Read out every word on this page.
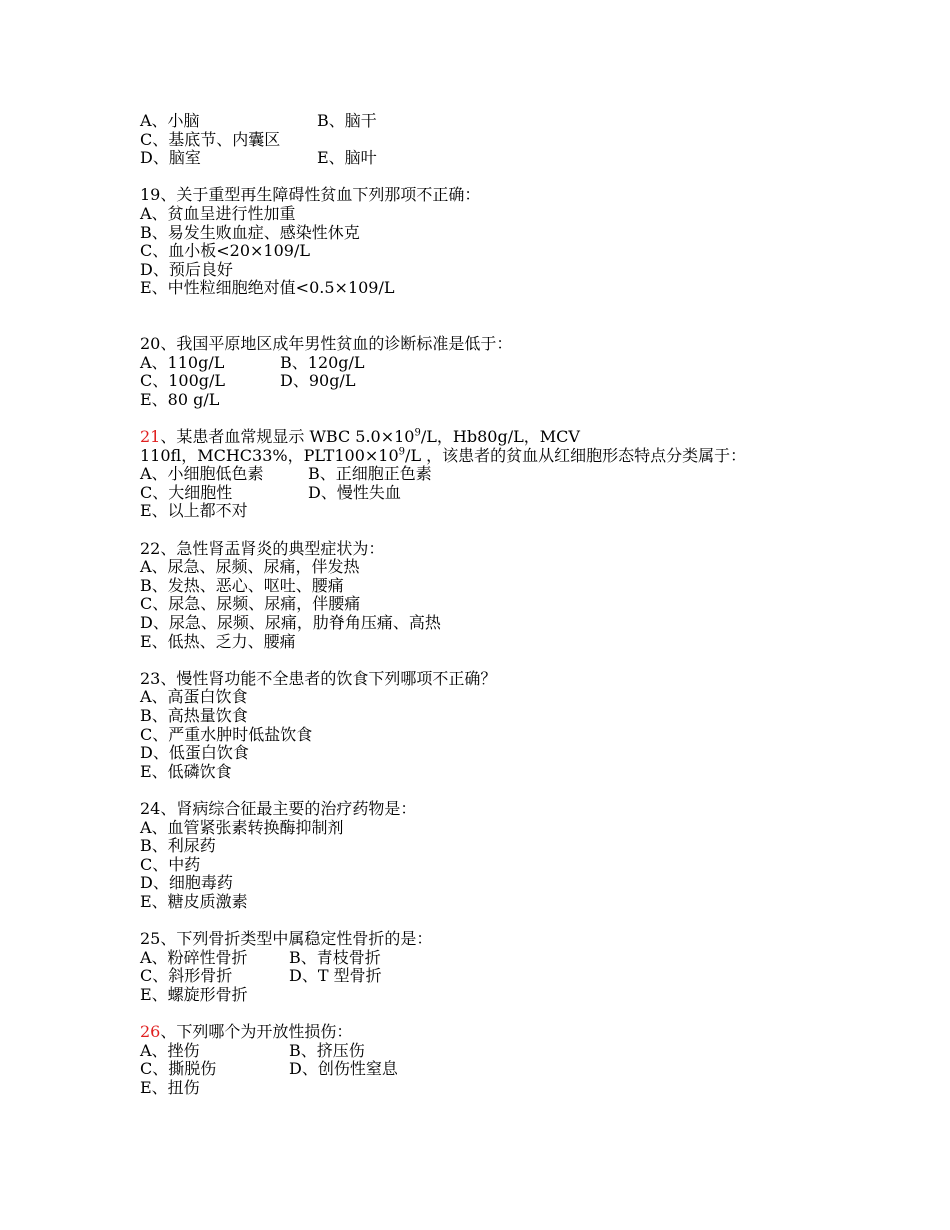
A、小脑	B、脑干
C、基底节、内囊区
D、脑室	E、脑叶
19、关于重型再生障碍性贫血下列那项不正确：
A、贫血呈进行性加重
B、易发生败血症、感染性休克
C、血小板<20×109/L
D、预后良好
E、中性粒细胞绝对值<0.5×109/L
20、我国平原地区成年男性贫血的诊断标准是低于：
A、110g/L	B、120g/L
C、100g/L	D、90g/L
E、80 g/L
21、某患者血常规显示 WBC $5.0\times 10^9/L$，Hb80g/L，MCV
110fl，MCHC33%，$PLT100\times 10^9/L$ ，该患者的贫血从红细胞形态特点分类属于：
A、小细胞低色素	B、正细胞正色素
C、大细胞性	D、慢性失血
E、以上都不对
22、急性肾盂肾炎的典型症状为：
A、尿急、尿频、尿痛，伴发热
B、发热、恶心、呕吐、腰痛
C、尿急、尿频、尿痛，伴腰痛
D、尿急、尿频、尿痛，肋脊角压痛、高热
E、低热、乏力、腰痛
23、慢性肾功能不全患者的饮食下列哪项不正确？
A、高蛋白饮食
B、高热量饮食
C、严重水肿时低盐饮食
D、低蛋白饮食
E、低磷饮食
24、肾病综合征最主要的治疗药物是：
A、血管紧张素转换酶抑制剂
B、利尿药
C、中药
D、细胞毒药
E、糖皮质激素
25、下列骨折类型中属稳定性骨折的是：
A、粉碎性骨折	B、青枝骨折
C、斜形骨折	D、T 型骨折
E、螺旋形骨折
26、下列哪个为开放性损伤：
A、挫伤	B、挤压伤
C、撕脱伤	D、创伤性窒息
E、扭伤
